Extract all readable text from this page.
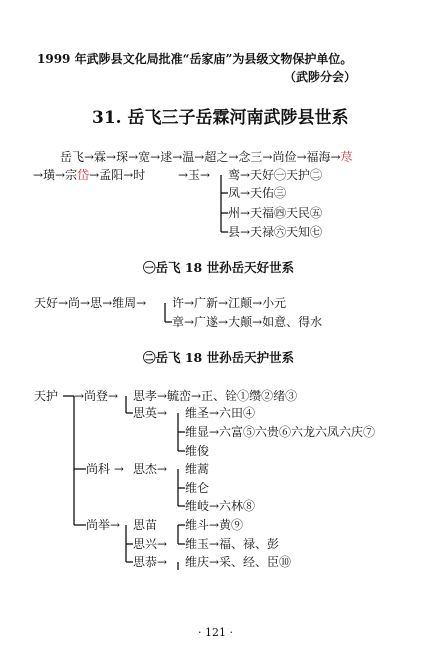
1999 年武陟县文化局批准“岳家庙”为县级文物保护单位。
（武陟分会）
31. 岳飞三子岳霖河南武陟县世系
岳飞→霖→琛→宽→逑→温→超之→念三→尚俭→福海→荩
→璜→宗岱→孟阳→时	→玉→ 鸾→天好㊀天护㊁
凤→天佑㊂
州→天福㊃天民㊄
县→天禄㊅天知㊆
㊀岳飞 18 世孙岳天好世系
天好→尚→思→维周→ 许→广新→江颠→小元
章→广遂→大颠→如意、得水
㊁岳飞 18 世孙岳天护世系
天护 →尚登→ 思孝→毓峦→正、铨①缵②绪③
思英→ 维圣→六田④
维显→六富⑤六贵⑥六龙六凤六庆⑦
维俊
尚科 → 思杰→ 维蒿
维仑
维岐→六林⑧
尚举→ 思苗
思兴→
思恭→
维斗→黄⑨
维玉→福、禄、彭
维庆→采、经、臣⑩
· 121 ·
